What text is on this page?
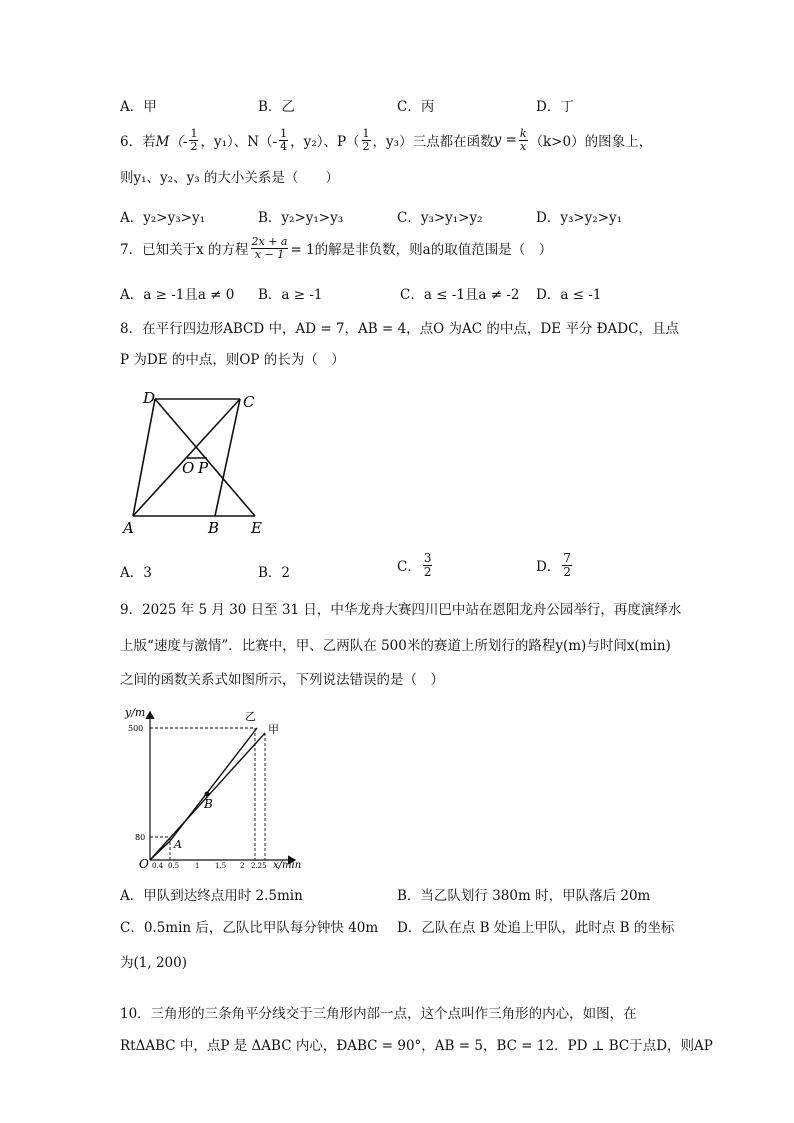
A．甲	B．乙	C．丙	D．丁
6．若 $M(- \frac{1}{2}$ ，y₁）、 $N(- \frac{1}{4}$ ，y₂）、 $P( \frac{1}{2}$ ，y₃）三点都在函数 $y = \frac{k}{x} (k>0)$的图象上，
则y₁、y₂、y₃ 的大小关系是（　　）
A．y₂>y₃>y₁	B．y₂>y₁>y₃	C．y₃>y₁>y₂	D．y₃>y₂>y₁
7．已知关于x 的方程 $\frac{2x + a}{x - 1} = 1$的解是非负数，则a的取值范围是（　）
A．a ≥ -1且a ≠ 0 B．a ≥ -1	C．a ≤ -1且a ≠ -2 D．a ≤ -1
8．在平行四边形ABCD 中，AD = 7，AB = 4，点O 为AC 的中点，DE 平分 ĐADC，且点
P 为DE 的中点，则OP 的长为（　）
D	C
O P
A	B E
A．3	B．2	C． $\frac{3}{2}$	D． $\frac{7}{2}$
9．2025 年 5 月 30 日至 31 日，中华龙舟大赛四川巴中站在恩阳龙舟公园举行，再度演绎水
上版“速度与激情”．比赛中，甲、乙两队在 500米的赛道上所划行的路程y(m)与时间x(min)
之间的函数关系式如图所示，下列说法错误的是（　）
y/m
x/min
500
80
O 0.4 0.5 1 1.5 2 2.25
A
B
甲
乙
A．甲队到达终点用时 2.5min	B．当乙队划行 380m 时，甲队落后 20m
C．0.5min 后，乙队比甲队每分钟快 40m D．乙队在点 B 处追上甲队，此时点 B 的坐标
为(1, 200)
10．三角形的三条角平分线交于三角形内部一点，这个点叫作三角形的内心，如图，在
RtΔABC 中，点P 是 ΔABC 内心，ĐABC = 90°，AB = 5，BC = 12．PD ⊥ BC于点D，则AP
